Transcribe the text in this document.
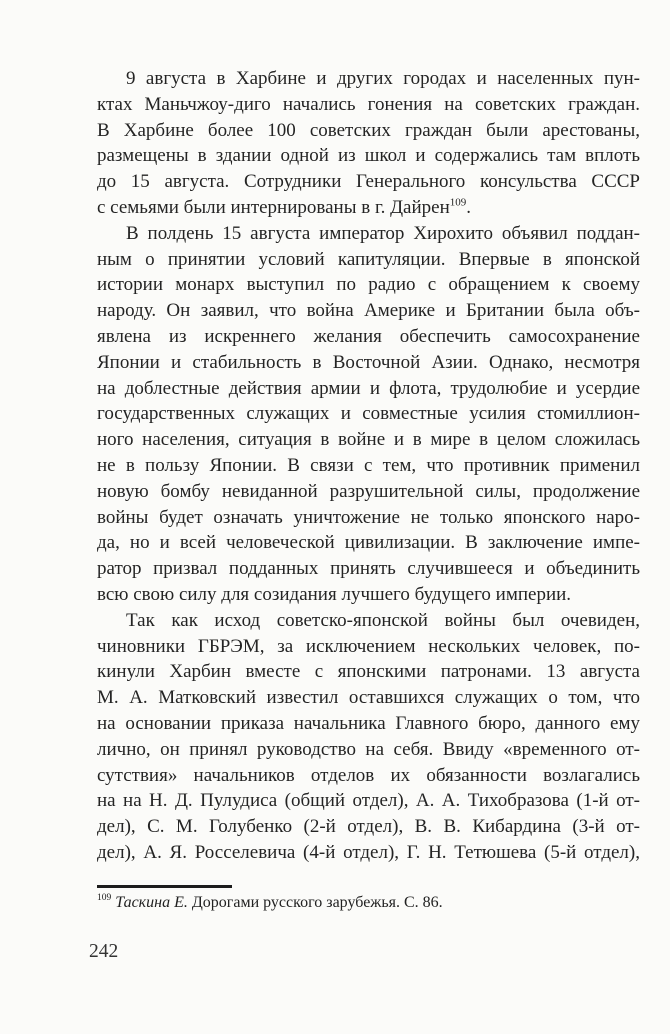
9 августа в Харбине и других городах и населенных пун-
ктах Маньчжоу-диго начались гонения на советских граждан.
В Харбине более 100 советских граждан были арестованы,
размещены в здании одной из школ и содержались там вплоть
до 15 августа. Сотрудники Генерального консульства СССР
с семьями были интернированы в г. Дайрен$^{109}$.
В полдень 15 августа император Хирохито объявил поддан-
ным о принятии условий капитуляции. Впервые в японской
истории монарх выступил по радио с обращением к своему
народу. Он заявил, что война Америке и Британии была объ-
явлена из искреннего желания обеспечить самосохранение
Японии и стабильность в Восточной Азии. Однако, несмотря
на доблестные действия армии и флота, трудолюбие и усердие
государственных служащих и совместные усилия стомиллион-
ного населения, ситуация в войне и в мире в целом сложилась
не в пользу Японии. В связи с тем, что противник применил
новую бомбу невиданной разрушительной силы, продолжение
войны будет означать уничтожение не только японского наро-
да, но и всей человеческой цивилизации. В заключение импе-
ратор призвал подданных принять случившееся и объединить
всю свою силу для созидания лучшего будущего империи.
Так как исход советско-японской войны был очевиден,
чиновники ГБРЭМ, за исключением нескольких человек, по-
кинули Харбин вместе с японскими патронами. 13 августа
М. А. Матковский известил оставшихся служащих о том, что
на основании приказа начальника Главного бюро, данного ему
лично, он принял руководство на себя. Ввиду «временного от-
сутствия» начальников отделов их обязанности возлагались
на на Н. Д. Пулудиса (общий отдел), А. А. Тихобразова (1-й от-
дел), С. М. Голубенко (2-й отдел), В. В. Кибардина (3-й от-
дел), А. Я. Росселевича (4-й отдел), Г. Н. Тетюшева (5-й отдел),
$^{109}$ Таскина Е. Дорогами русского зарубежья. С. 86.
242
